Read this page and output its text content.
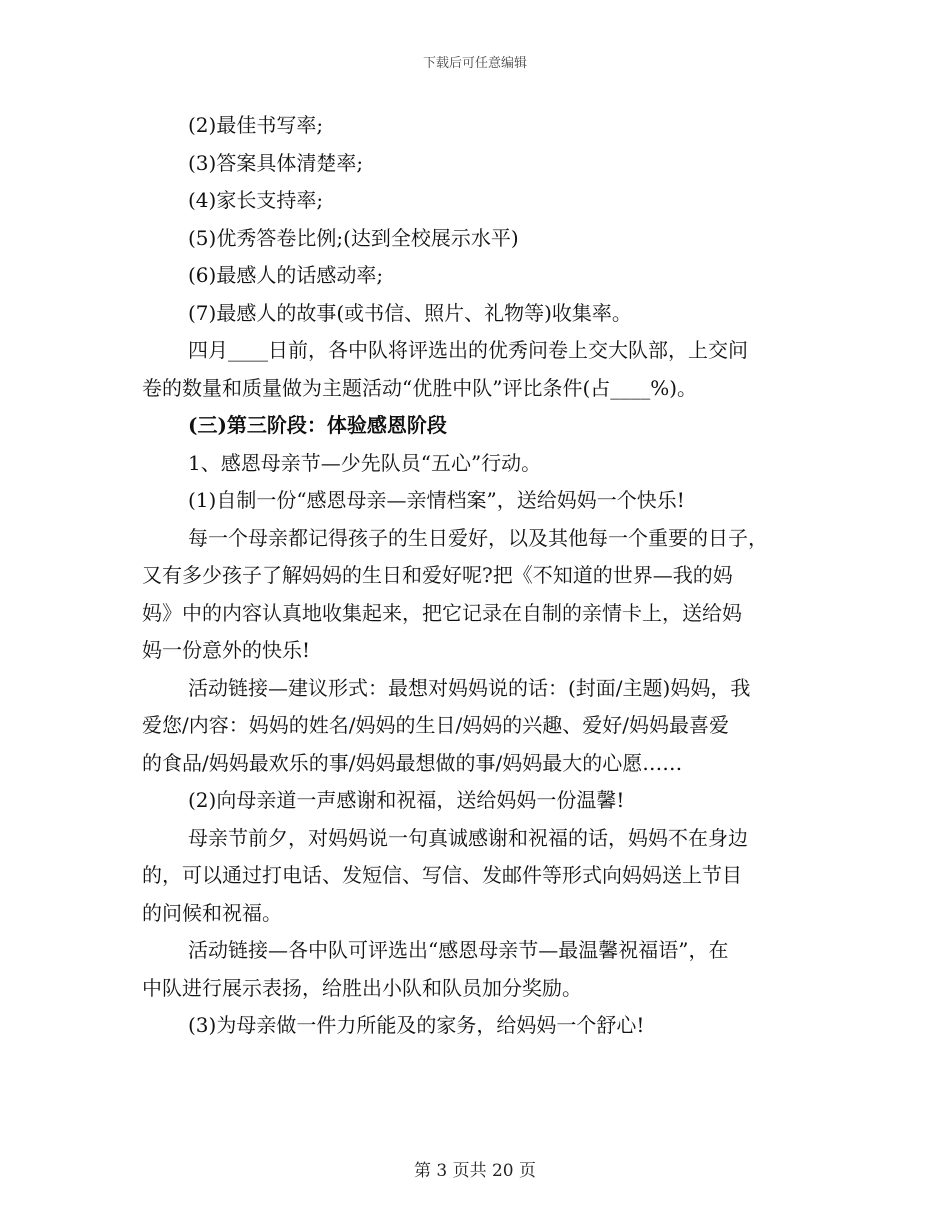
下载后可任意编辑
(2)最佳书写率;
(3)答案具体清楚率;
(4)家长支持率;
(5)优秀答卷比例;(达到全校展示水平)
(6)最感人的话感动率;
(7)最感人的故事(或书信、照片、礼物等)收集率。
四月____日前，各中队将评选出的优秀问卷上交大队部，上交问
卷的数量和质量做为主题活动“优胜中队”评比条件(占____%)。
(三)第三阶段：体验感恩阶段
1、感恩母亲节—少先队员“五心”行动。
(1)自制一份“感恩母亲—亲情档案”，送给妈妈一个快乐!
每一个母亲都记得孩子的生日爱好，以及其他每一个重要的日子，
又有多少孩子了解妈妈的生日和爱好呢?把《不知道的世界—我的妈
妈》中的内容认真地收集起来，把它记录在自制的亲情卡上，送给妈
妈一份意外的快乐!
活动链接—建议形式：最想对妈妈说的话：(封面/主题)妈妈，我
爱您/内容：妈妈的姓名/妈妈的生日/妈妈的兴趣、爱好/妈妈最喜爱
的食品/妈妈最欢乐的事/妈妈最想做的事/妈妈最大的心愿……
(2)向母亲道一声感谢和祝福，送给妈妈一份温馨!
母亲节前夕，对妈妈说一句真诚感谢和祝福的话，妈妈不在身边
的，可以通过打电话、发短信、写信、发邮件等形式向妈妈送上节目
的问候和祝福。
活动链接—各中队可评选出“感恩母亲节—最温馨祝福语”，在
中队进行展示表扬，给胜出小队和队员加分奖励。
(3)为母亲做一件力所能及的家务，给妈妈一个舒心!
第 3 页共 20 页
